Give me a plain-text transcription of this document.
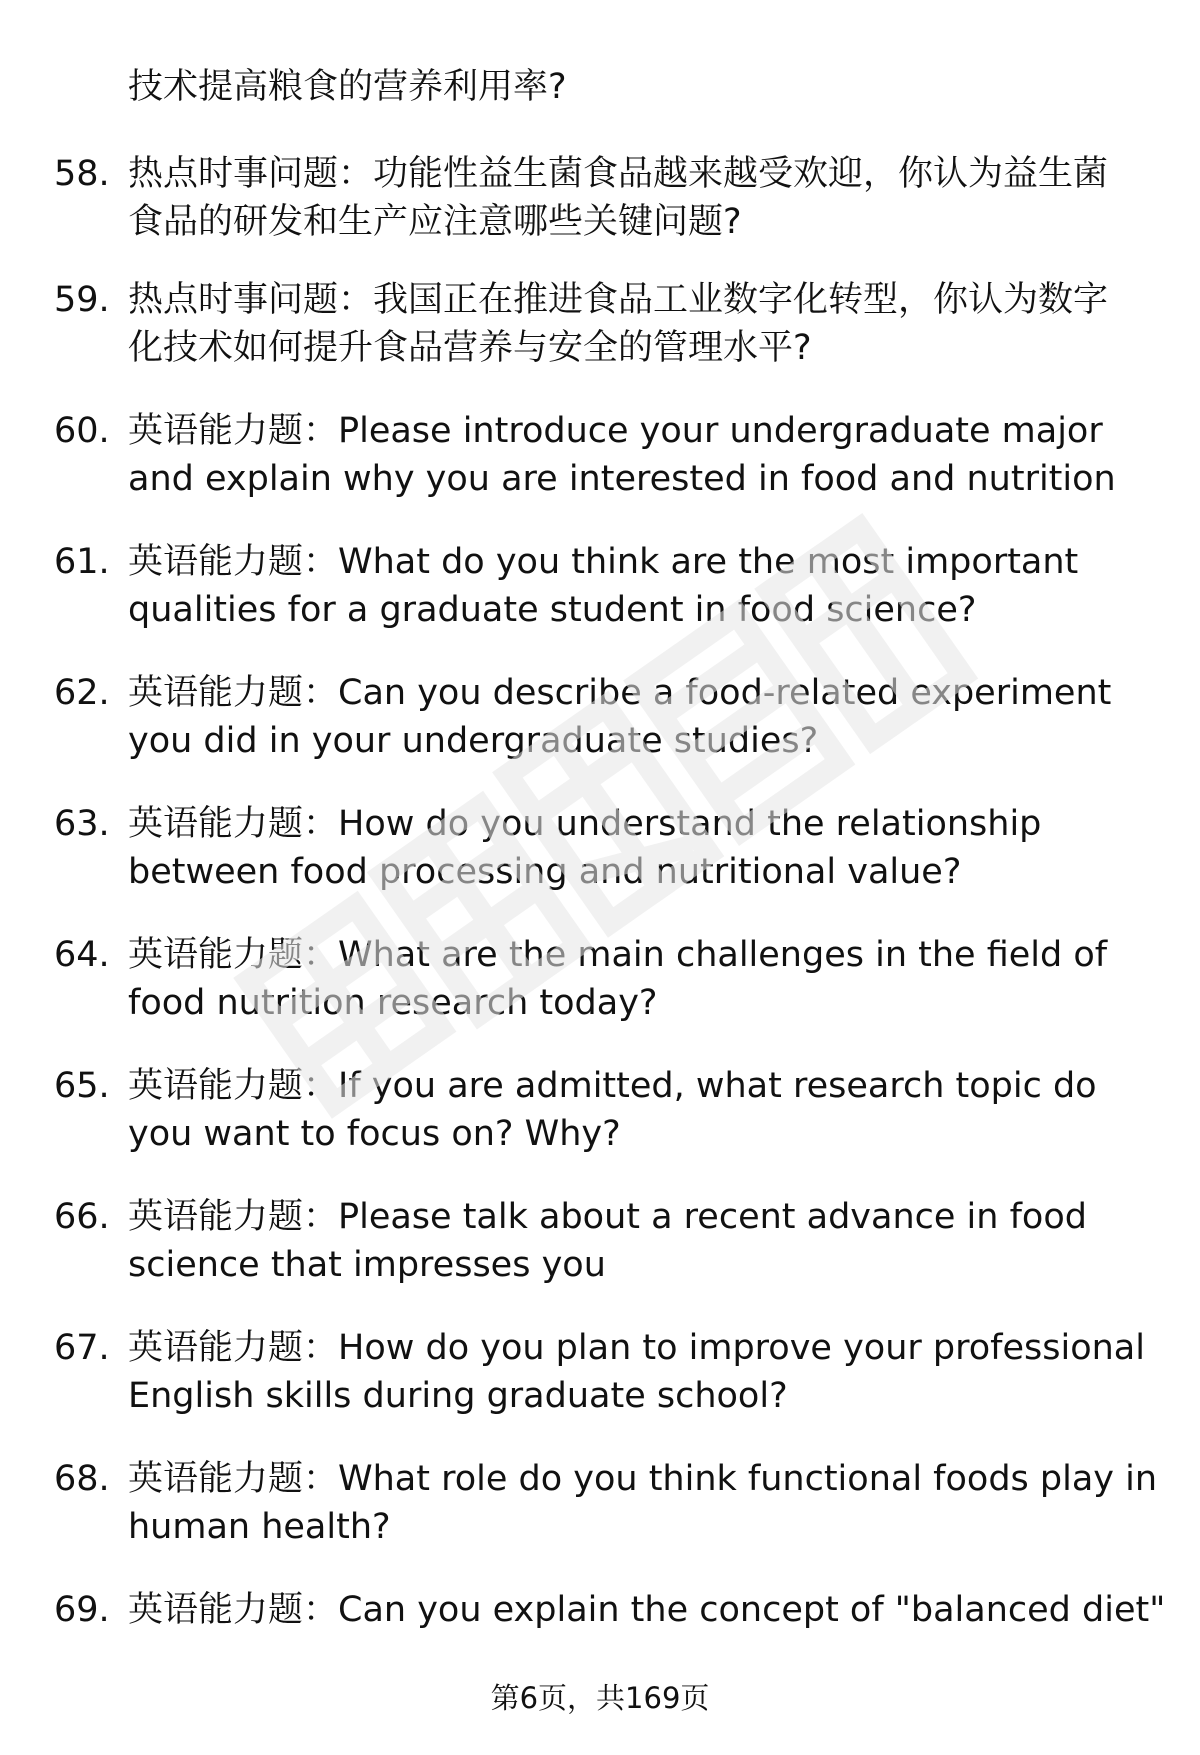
技术提高粮食的营养利用率?
58. 热点时事问题：功能性益生菌食品越来越受欢迎，你认为益生菌
食品的研发和生产应注意哪些关键问题?
59. 热点时事问题：我国正在推进食品工业数字化转型，你认为数字
化技术如何提升食品营养与安全的管理水平?
60. 英语能力题：Please introduce your undergraduate major
and explain why you are interested in food and nutrition
61. 英语能力题：What do you think are the most important
qualities for a graduate student in food science?
62. 英语能力题：Can you describe a food-related experiment
you did in your undergraduate studies?
63. 英语能力题：How do you understand the relationship
between food processing and nutritional value?
64. 英语能力题：What are the main challenges in the field of
food nutrition research today?
65. 英语能力题：If you are admitted, what research topic do
you want to focus on? Why?
66. 英语能力题：Please talk about a recent advance in food
science that impresses you
67. 英语能力题：How do you plan to improve your professional
English skills during graduate school?
68. 英语能力题：What role do you think functional foods play in
human health?
69. 英语能力题：Can you explain the concept of "balanced diet"
第6页，共169页
